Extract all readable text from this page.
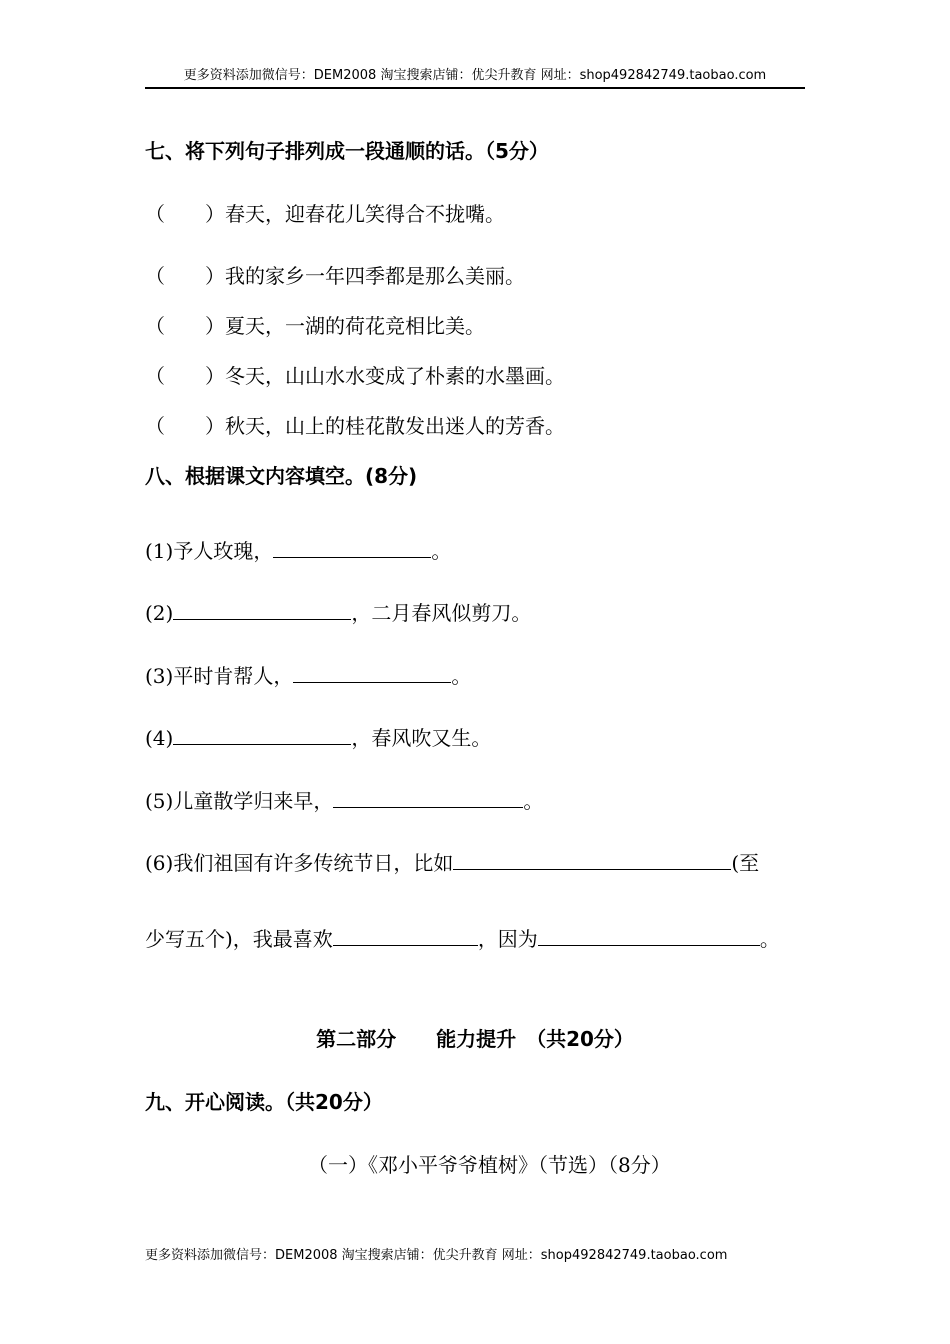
更多资料添加微信号：DEM2008 淘宝搜索店铺：优尖升教育 网址：shop492842749.taobao.com
七、将下列句子排列成一段通顺的话。（5分）
（　　）春天，迎春花儿笑得合不拢嘴。
（　　）我的家乡一年四季都是那么美丽。
（　　）夏天，一湖的荷花竞相比美。
（　　）冬天，山山水水变成了朴素的水墨画。
（　　）秋天，山上的桂花散发出迷人的芳香。
八、根据课文内容填空。(8分)
(1)予人玫瑰，	。
(2)	，二月春风似剪刀。
(3)平时肯帮人，	。
(4)	，春风吹又生。
(5)儿童散学归来早，	。
(6)我们祖国有许多传统节日，比如	(至
少写五个)，我最喜欢	，因为	。
第二部分　　能力提升　（共20分）
九、开心阅读。（共20分）
（一）《邓小平爷爷植树》（节选）（8分）
更多资料添加微信号：DEM2008 淘宝搜索店铺：优尖升教育 网址：shop492842749.taobao.com
